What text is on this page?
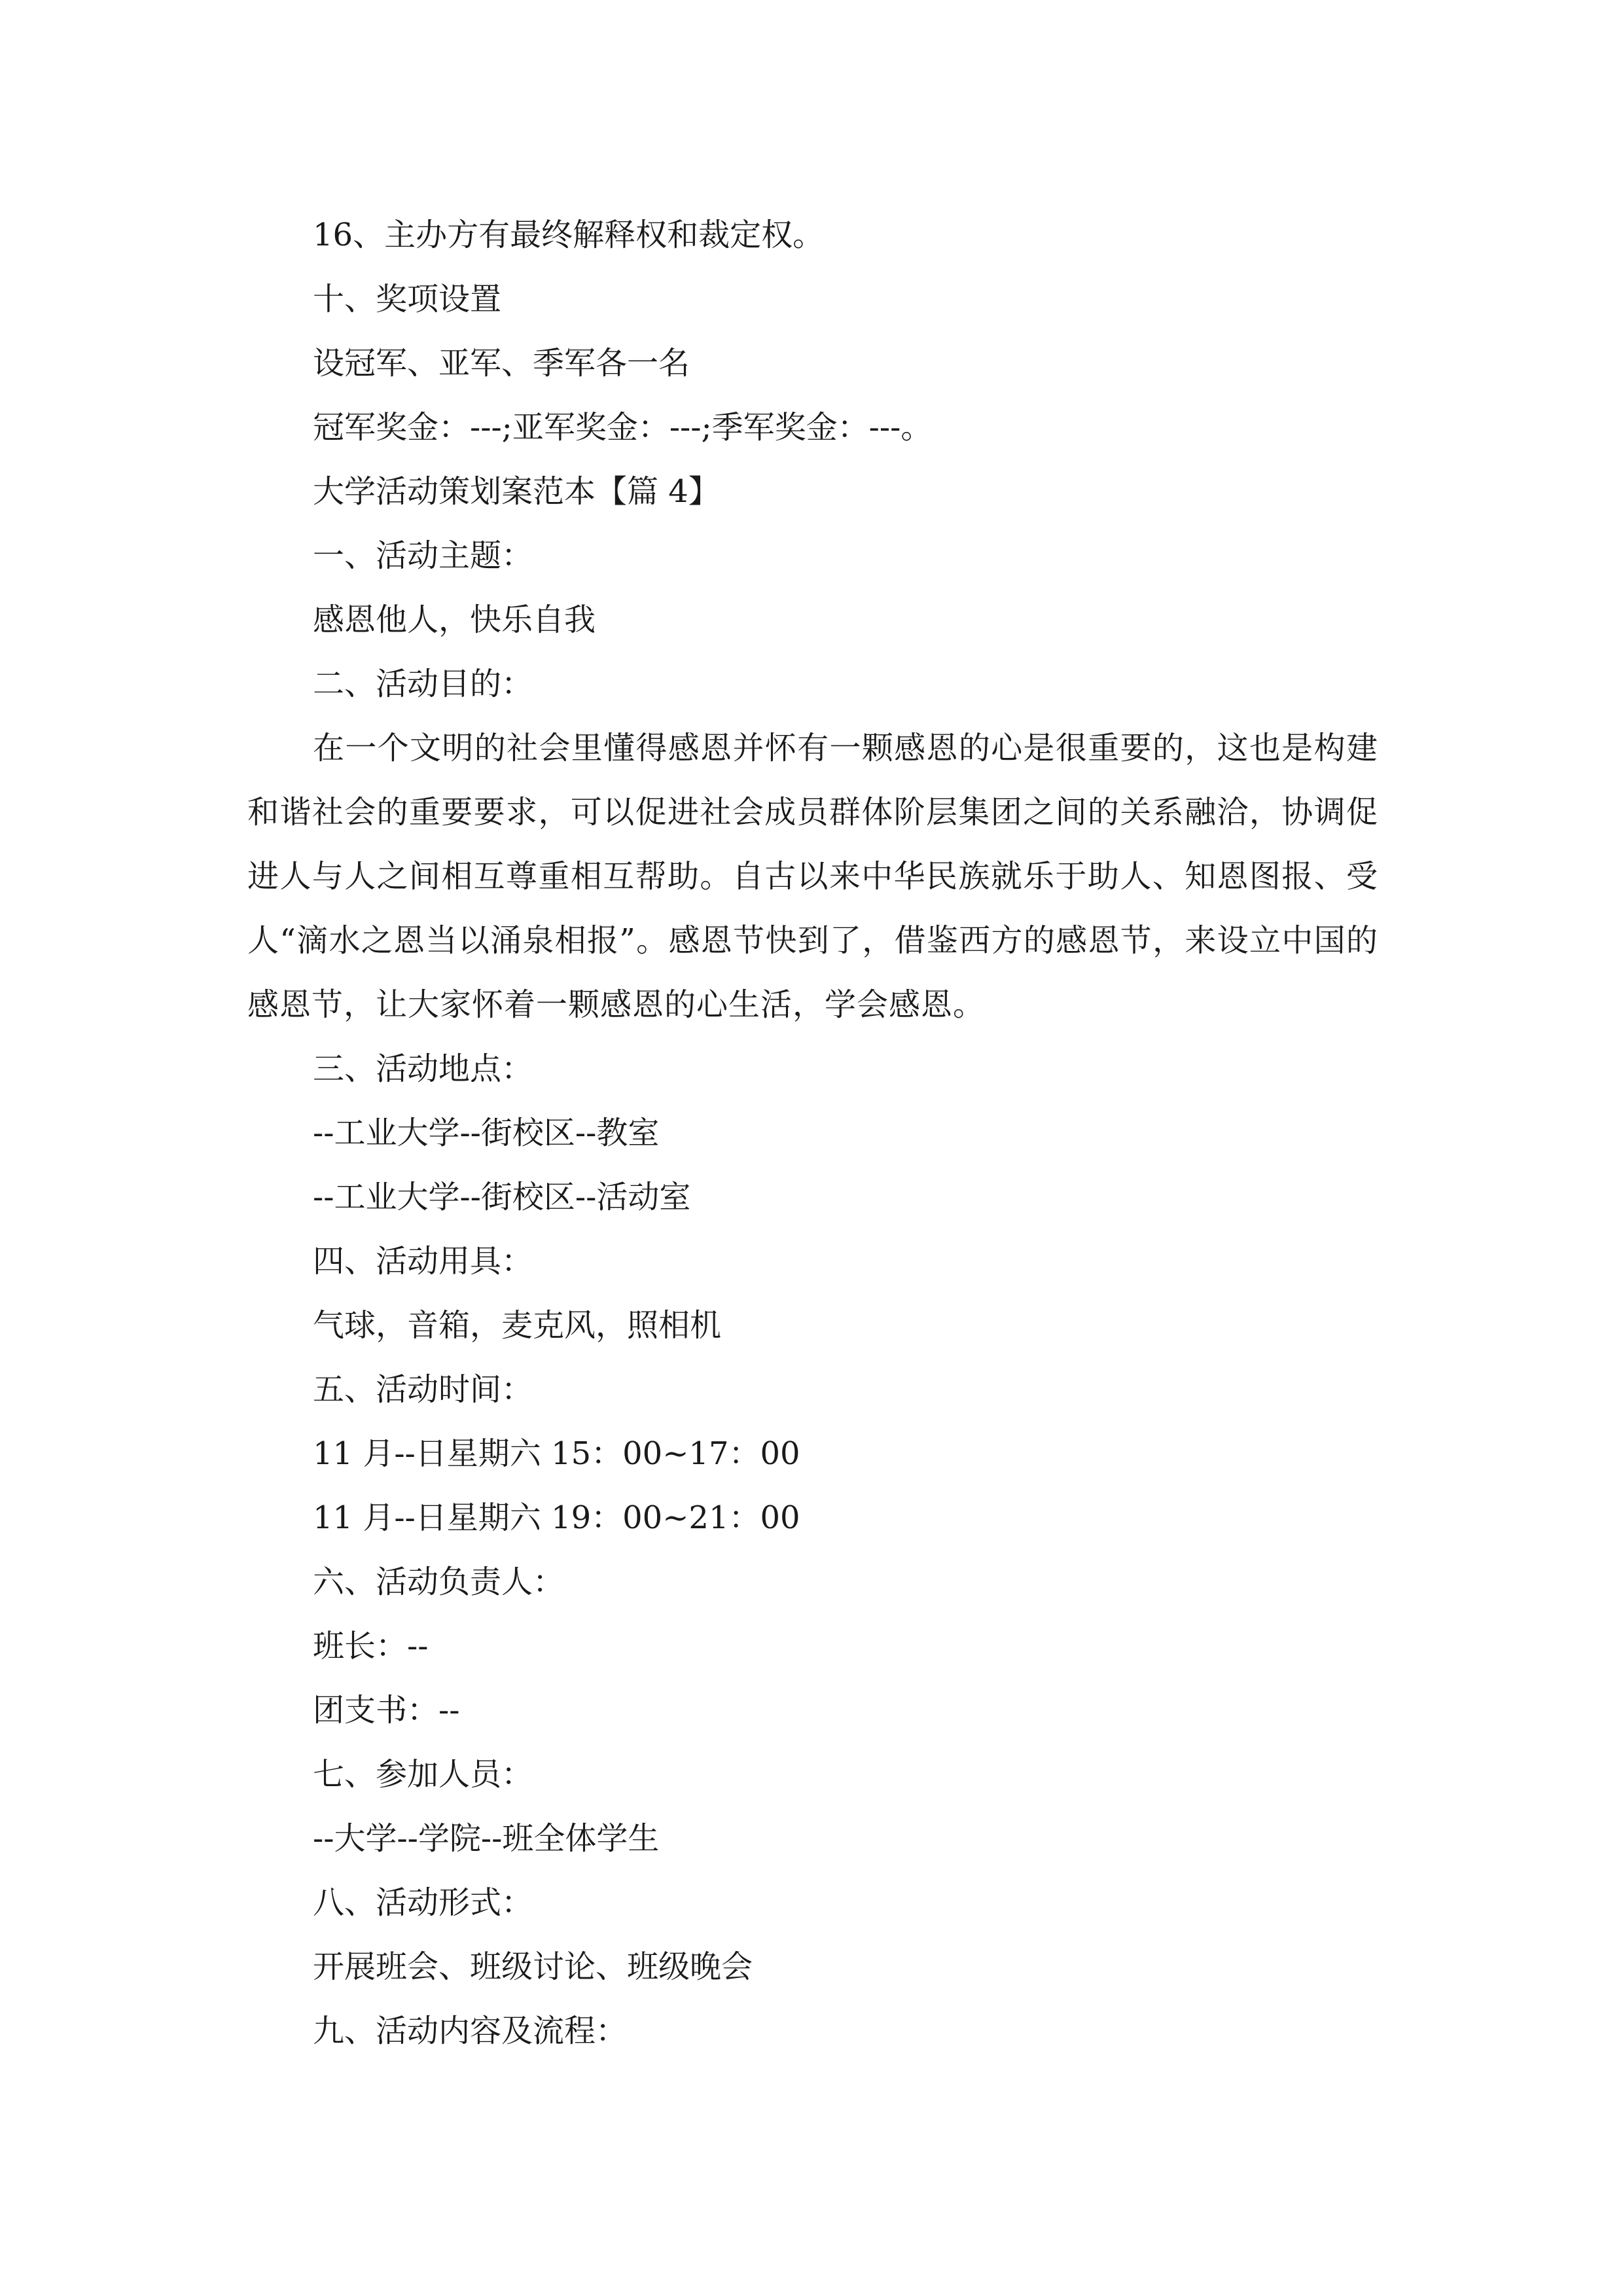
16、主办方有最终解释权和裁定权。

十、奖项设置

设冠军、亚军、季军各一名

冠军奖金：---;亚军奖金：---;季军奖金：---。

大学活动策划案范本【篇 4】

一、活动主题：

感恩他人，快乐自我

二、活动目的：

在一个文明的社会里懂得感恩并怀有一颗感恩的心是很重要的，这也是构建和谐社会的重要要求，可以促进社会成员群体阶层集团之间的关系融洽，协调促进人与人之间相互尊重相互帮助。自古以来中华民族就乐于助人、知恩图报、受人“滴水之恩当以涌泉相报”。感恩节快到了，借鉴西方的感恩节，来设立中国的感恩节，让大家怀着一颗感恩的心生活，学会感恩。

三、活动地点：

--工业大学--街校区--教室

--工业大学--街校区--活动室

四、活动用具：

气球，音箱，麦克风，照相机

五、活动时间：

11 月--日星期六 15：00~17：00

11 月--日星期六 19：00~21：00

六、活动负责人：

班长：--

团支书：--

七、参加人员：

--大学--学院--班全体学生

八、活动形式：

开展班会、班级讨论、班级晚会

九、活动内容及流程：
